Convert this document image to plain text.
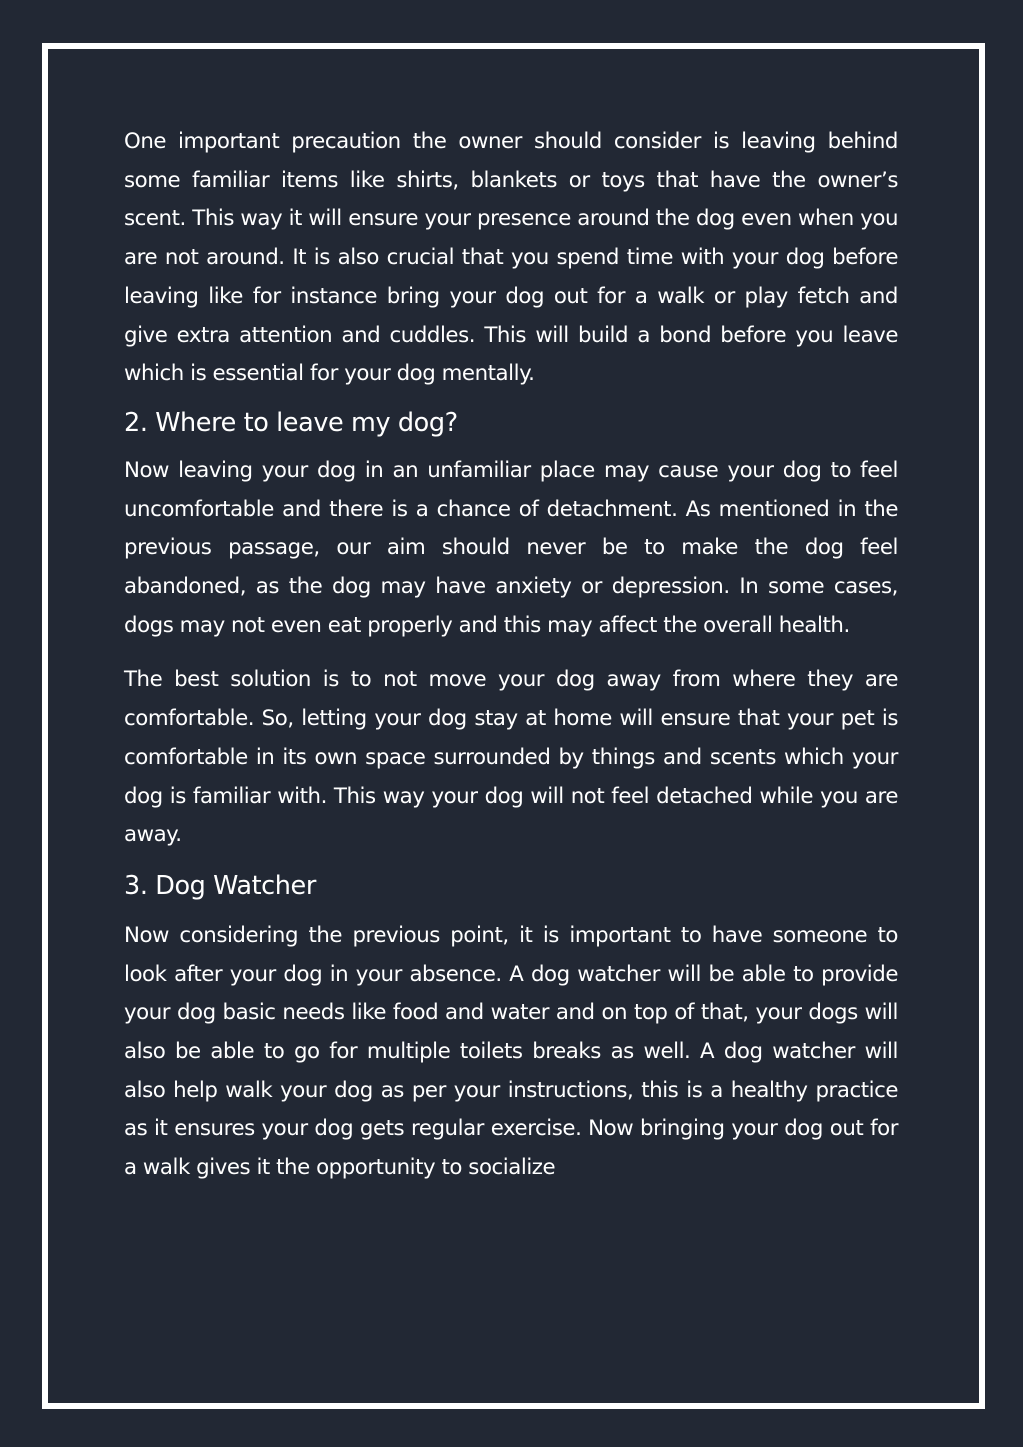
One important precaution the owner should consider is leaving behind some familiar items like shirts, blankets or toys that have the owner’s scent. This way it will ensure your presence around the dog even when you are not around. It is also crucial that you spend time with your dog before leaving like for instance bring your dog out for a walk or play fetch and give extra attention and cuddles. This will build a bond before you leave which is essential for your dog mentally.

2. Where to leave my dog?

Now leaving your dog in an unfamiliar place may cause your dog to feel uncomfortable and there is a chance of detachment. As mentioned in the previous passage, our aim should never be to make the dog feel abandoned, as the dog may have anxiety or depression. In some cases, dogs may not even eat properly and this may affect the overall health.

The best solution is to not move your dog away from where they are comfortable. So, letting your dog stay at home will ensure that your pet is comfortable in its own space surrounded by things and scents which your dog is familiar with. This way your dog will not feel detached while you are away.

3. Dog Watcher

Now considering the previous point, it is important to have someone to look after your dog in your absence. A dog watcher will be able to provide your dog basic needs like food and water and on top of that, your dogs will also be able to go for multiple toilets breaks as well. A dog watcher will also help walk your dog as per your instructions, this is a healthy practice as it ensures your dog gets regular exercise. Now bringing your dog out for a walk gives it the opportunity to socialize
